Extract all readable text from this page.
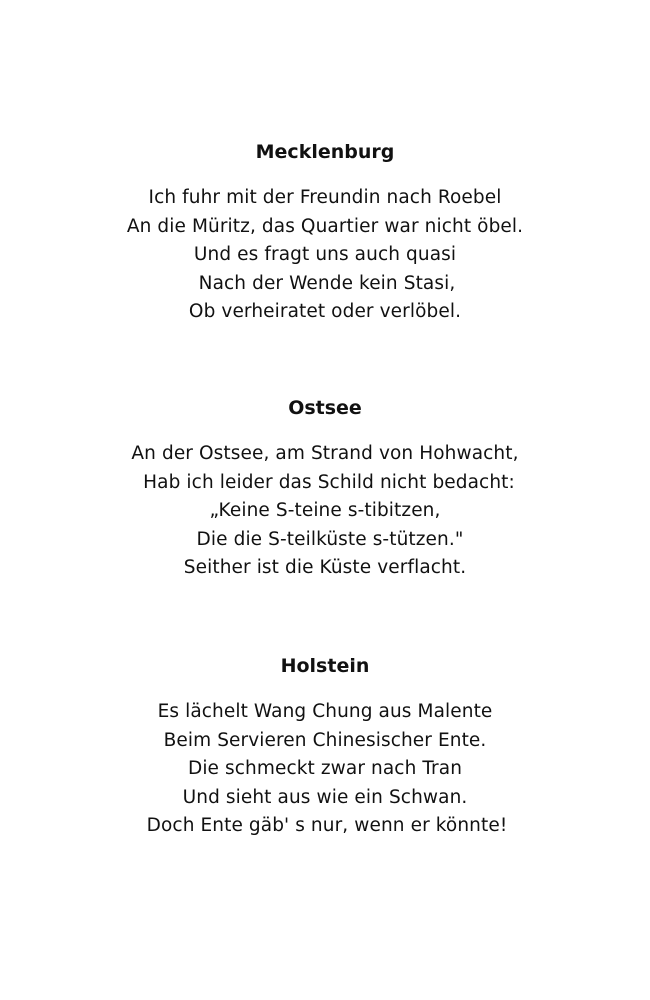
Mecklenburg
Ich fuhr mit der Freundin nach Roebel
An die Müritz, das Quartier war nicht öbel.
Und es fragt uns auch quasi
Nach der Wende kein Stasi,
Ob verheiratet oder verlöbel.
Ostsee
An der Ostsee, am Strand von Hohwacht,
Hab ich leider das Schild nicht bedacht:
„Keine S-teine s-tibitzen,
Die die S-teilküste s-tützen."
Seither ist die Küste verflacht.
Holstein
Es lächelt Wang Chung aus Malente
Beim Servieren Chinesischer Ente.
Die schmeckt zwar nach Tran
Und sieht aus wie ein Schwan.
Doch Ente gäb' s nur, wenn er könnte!
